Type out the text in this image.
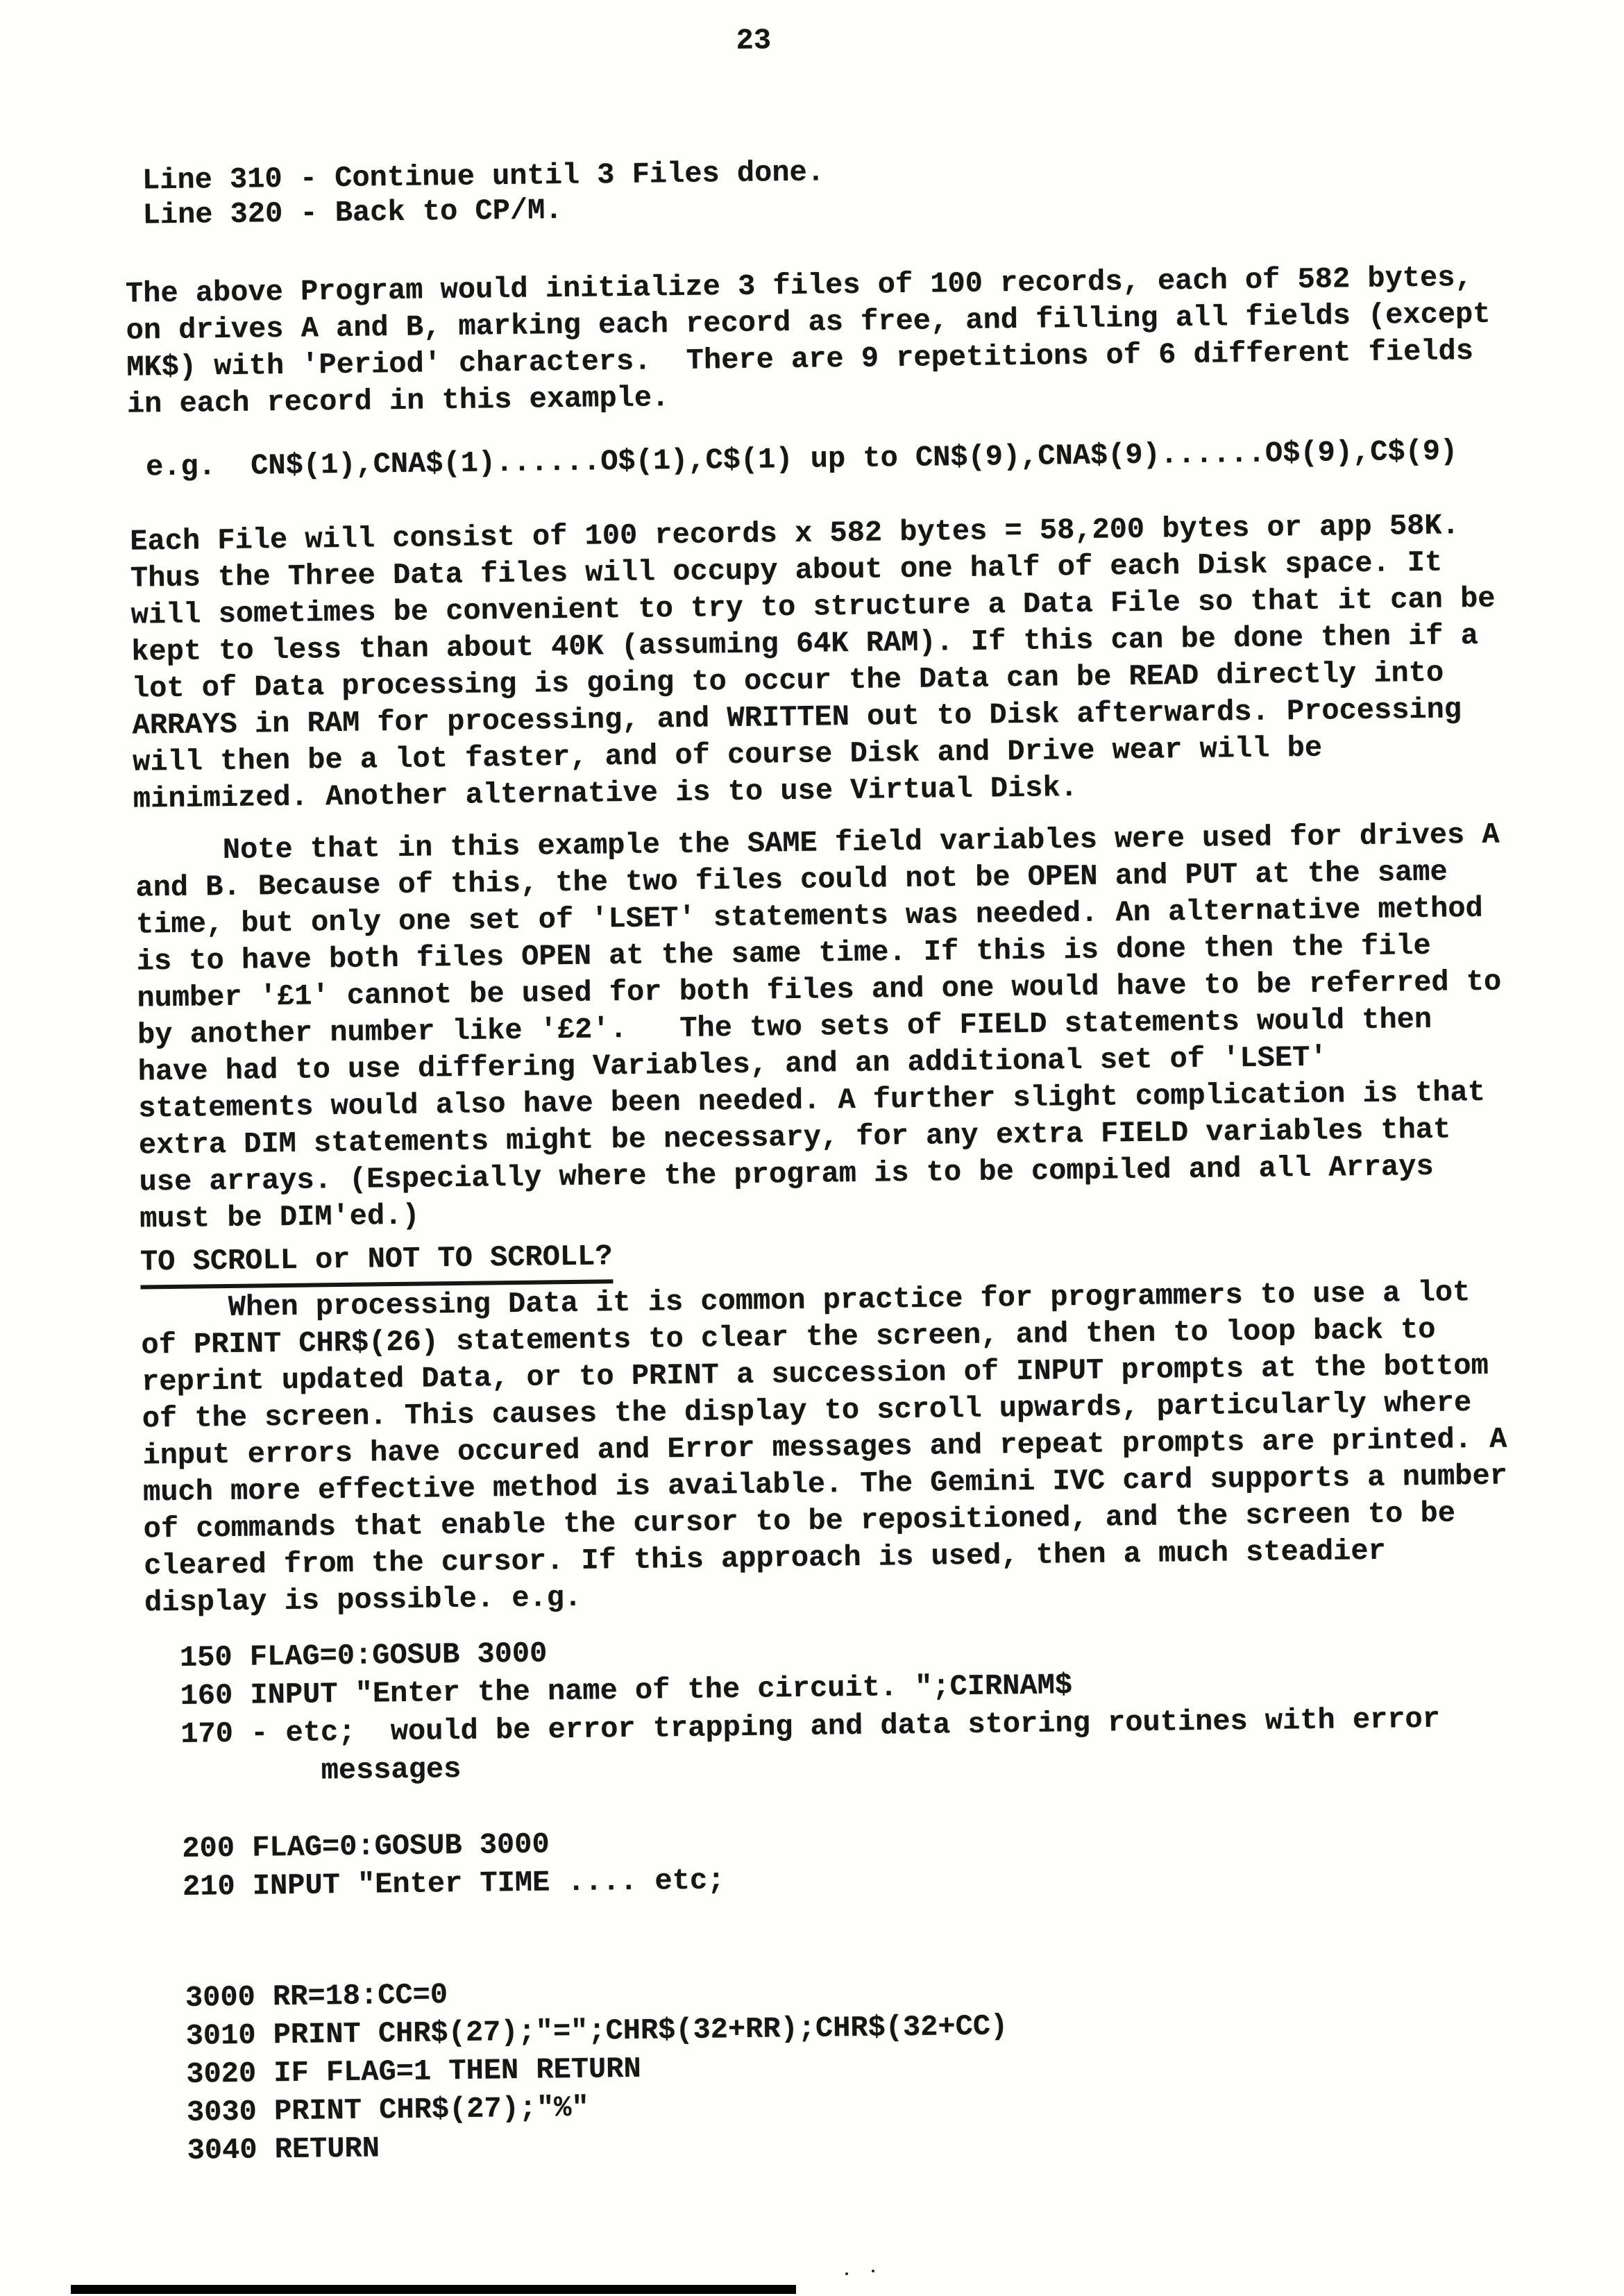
23
Line 310 - Continue until 3 Files done.
Line 320 - Back to CP/M.
The above Program would initialize 3 files of 100 records, each of 582 bytes,
on drives A and B, marking each record as free, and filling all fields (except
MK$) with 'Period' characters.  There are 9 repetitions of 6 different fields
in each record in this example.
e.g.  CN$(1),CNA$(1)......O$(1),C$(1) up to CN$(9),CNA$(9)......O$(9),C$(9)
Each File will consist of 100 records x 582 bytes = 58,200 bytes or app 58K.
Thus the Three Data files will occupy about one half of each Disk space. It
will sometimes be convenient to try to structure a Data File so that it can be
kept to less than about 40K (assuming 64K RAM). If this can be done then if a
lot of Data processing is going to occur the Data can be READ directly into
ARRAYS in RAM for processing, and WRITTEN out to Disk afterwards. Processing
will then be a lot faster, and of course Disk and Drive wear will be
minimized. Another alternative is to use Virtual Disk.
Note that in this example the SAME field variables were used for drives A
and B. Because of this, the two files could not be OPEN and PUT at the same
time, but only one set of 'LSET' statements was needed. An alternative method
is to have both files OPEN at the same time. If this is done then the file
number '£1' cannot be used for both files and one would have to be referred to
by another number like '£2'.   The two sets of FIELD statements would then
have had to use differing Variables, and an additional set of 'LSET'
statements would also have been needed. A further slight complication is that
extra DIM statements might be necessary, for any extra FIELD variables that
use arrays. (Especially where the program is to be compiled and all Arrays
must be DIM'ed.)
TO SCROLL or NOT TO SCROLL?
When processing Data it is common practice for programmers to use a lot
of PRINT CHR$(26) statements to clear the screen, and then to loop back to
reprint updated Data, or to PRINT a succession of INPUT prompts at the bottom
of the screen. This causes the display to scroll upwards, particularly where
input errors have occured and Error messages and repeat prompts are printed. A
much more effective method is available. The Gemini IVC card supports a number
of commands that enable the cursor to be repositioned, and the screen to be
cleared from the cursor. If this approach is used, then a much steadier
display is possible. e.g.
150 FLAG=0:GOSUB 3000
160 INPUT "Enter the name of the circuit. ";CIRNAM$
170 - etc;  would be error trapping and data storing routines with error
messages
200 FLAG=0:GOSUB 3000
210 INPUT "Enter TIME .... etc;
3000 RR=18:CC=0
3010 PRINT CHR$(27);"=";CHR$(32+RR);CHR$(32+CC)
3020 IF FLAG=1 THEN RETURN
3030 PRINT CHR$(27);"%"
3040 RETURN
